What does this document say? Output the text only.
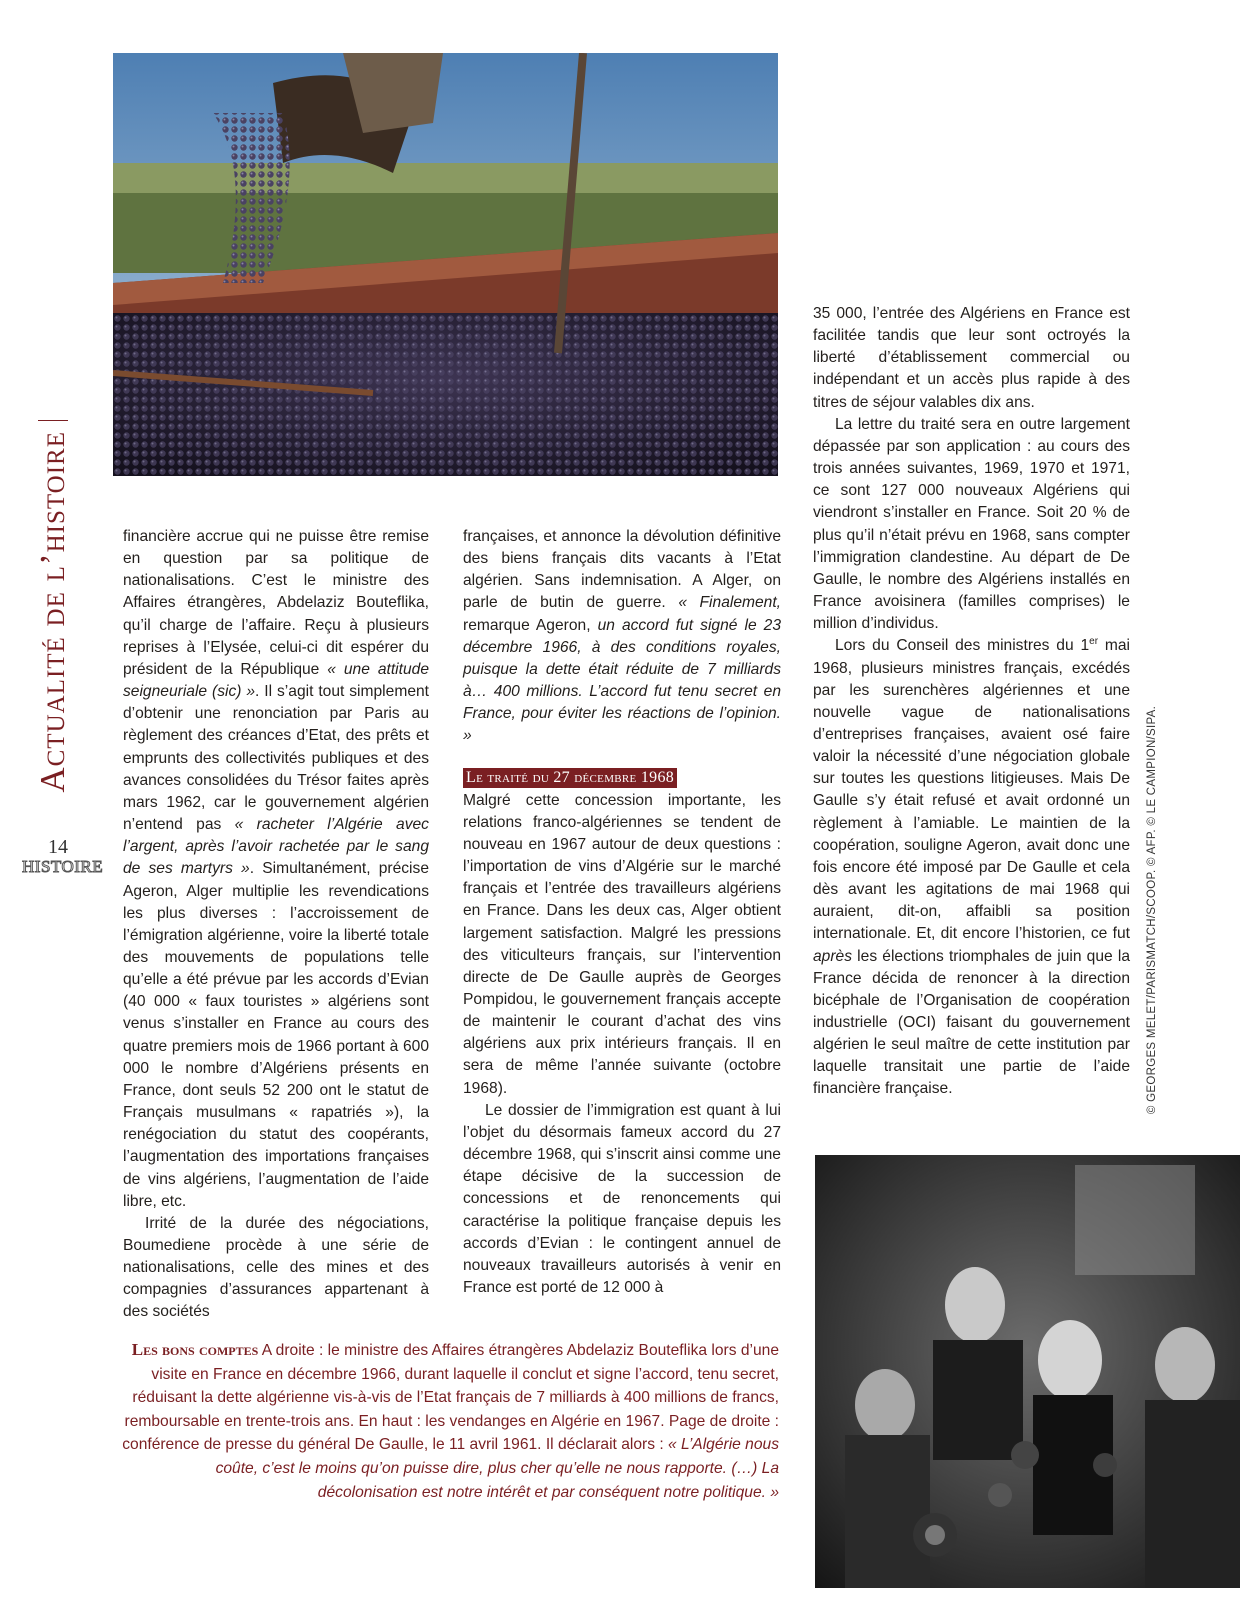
Actualité de l’histoire
14
HISTOIRE

financière accrue qui ne puisse être remise en question par sa politique de nationalisations. C’est le ministre des Affaires étrangères, Abdelaziz Bouteflika, qu’il charge de l’affaire. Reçu à plusieurs reprises à l’Elysée, celui-ci dit espérer du président de la République « une attitude seigneuriale (sic) ». Il s’agit tout simplement d’obtenir une renonciation par Paris au règlement des créances d’Etat, des prêts et emprunts des collectivités publiques et des avances consolidées du Trésor faites après mars 1962, car le gouvernement algérien n’entend pas « racheter l’Algérie avec l’argent, après l’avoir rachetée par le sang de ses martyrs ». Simultanément, précise Ageron, Alger multiplie les revendications les plus diverses : l’accroissement de l’émigration algérienne, voire la liberté totale des mouvements de populations telle qu’elle a été prévue par les accords d’Evian (40 000 « faux touristes » algériens sont venus s’installer en France au cours des quatre premiers mois de 1966 portant à 600 000 le nombre d’Algériens présents en France, dont seuls 52 200 ont le statut de Français musulmans « rapatriés »), la renégociation du statut des coopérants, l’augmentation des importations françaises de vins algériens, l’augmentation de l’aide libre, etc.

Irrité de la durée des négociations, Boumediene procède à une série de nationalisations, celle des mines et des compagnies d’assurances appartenant à des sociétés

françaises, et annonce la dévolution définitive des biens français dits vacants à l’Etat algérien. Sans indemnisation. A Alger, on parle de butin de guerre. « Finalement, remarque Ageron, un accord fut signé le 23 décembre 1966, à des conditions royales, puisque la dette était réduite de 7 milliards à… 400 millions. L’accord fut tenu secret en France, pour éviter les réactions de l’opinion. »

Le traité du 27 décembre 1968

Malgré cette concession importante, les relations franco-algériennes se tendent de nouveau en 1967 autour de deux questions : l’importation de vins d’Algérie sur le marché français et l’entrée des travailleurs algériens en France. Dans les deux cas, Alger obtient largement satisfaction. Malgré les pressions des viticulteurs français, sur l’intervention directe de De Gaulle auprès de Georges Pompidou, le gouvernement français accepte de maintenir le courant d’achat des vins algériens aux prix intérieurs français. Il en sera de même l’année suivante (octobre 1968).

Le dossier de l’immigration est quant à lui l’objet du désormais fameux accord du 27 décembre 1968, qui s’inscrit ainsi comme une étape décisive de la succession de concessions et de renoncements qui caractérise la politique française depuis les accords d’Evian : le contingent annuel de nouveaux travailleurs autorisés à venir en France est porté de 12 000 à

35 000, l’entrée des Algériens en France est facilitée tandis que leur sont octroyés la liberté d’établissement commercial ou indépendant et un accès plus rapide à des titres de séjour valables dix ans.

La lettre du traité sera en outre largement dépassée par son application : au cours des trois années suivantes, 1969, 1970 et 1971, ce sont 127 000 nouveaux Algériens qui viendront s’installer en France. Soit 20 % de plus qu’il n’était prévu en 1968, sans compter l’immigration clandestine. Au départ de De Gaulle, le nombre des Algériens installés en France avoisinera (familles comprises) le million d’individus.

Lors du Conseil des ministres du 1er mai 1968, plusieurs ministres français, excédés par les surenchères algériennes et une nouvelle vague de nationalisations d’entreprises françaises, avaient osé faire valoir la nécessité d’une négociation globale sur toutes les questions litigieuses. Mais De Gaulle s’y était refusé et avait ordonné un règlement à l’amiable. Le maintien de la coopération, souligne Ageron, avait donc une fois encore été imposé par De Gaulle et cela dès avant les agitations de mai 1968 qui auraient, dit-on, affaibli sa position internationale. Et, dit encore l’historien, ce fut après les élections triomphales de juin que la France décida de renoncer à la direction bicéphale de l’Organisation de coopération industrielle (OCI) faisant du gouvernement algérien le seul maître de cette institution par laquelle transitait une partie de l’aide financière française.	© GEORGES MELET/PARISMATCH/SCOOP. © AFP. © LE CAMPION/SIPA.
Les bons comptes A droite : le ministre des Affaires étrangères Abdelaziz Bouteflika lors d’une visite en France en décembre 1966, durant laquelle il conclut et signe l’accord, tenu secret, réduisant la dette algérienne vis-à-vis de l’Etat français de 7 milliards à 400 millions de francs, remboursable en trente-trois ans. En haut : les vendanges en Algérie en 1967. Page de droite : conférence de presse du général De Gaulle, le 11 avril 1961. Il déclarait alors : « L’Algérie nous coûte, c’est le moins qu’on puisse dire, plus cher qu’elle ne nous rapporte. (…) La décolonisation est notre intérêt et par conséquent notre politique. »
